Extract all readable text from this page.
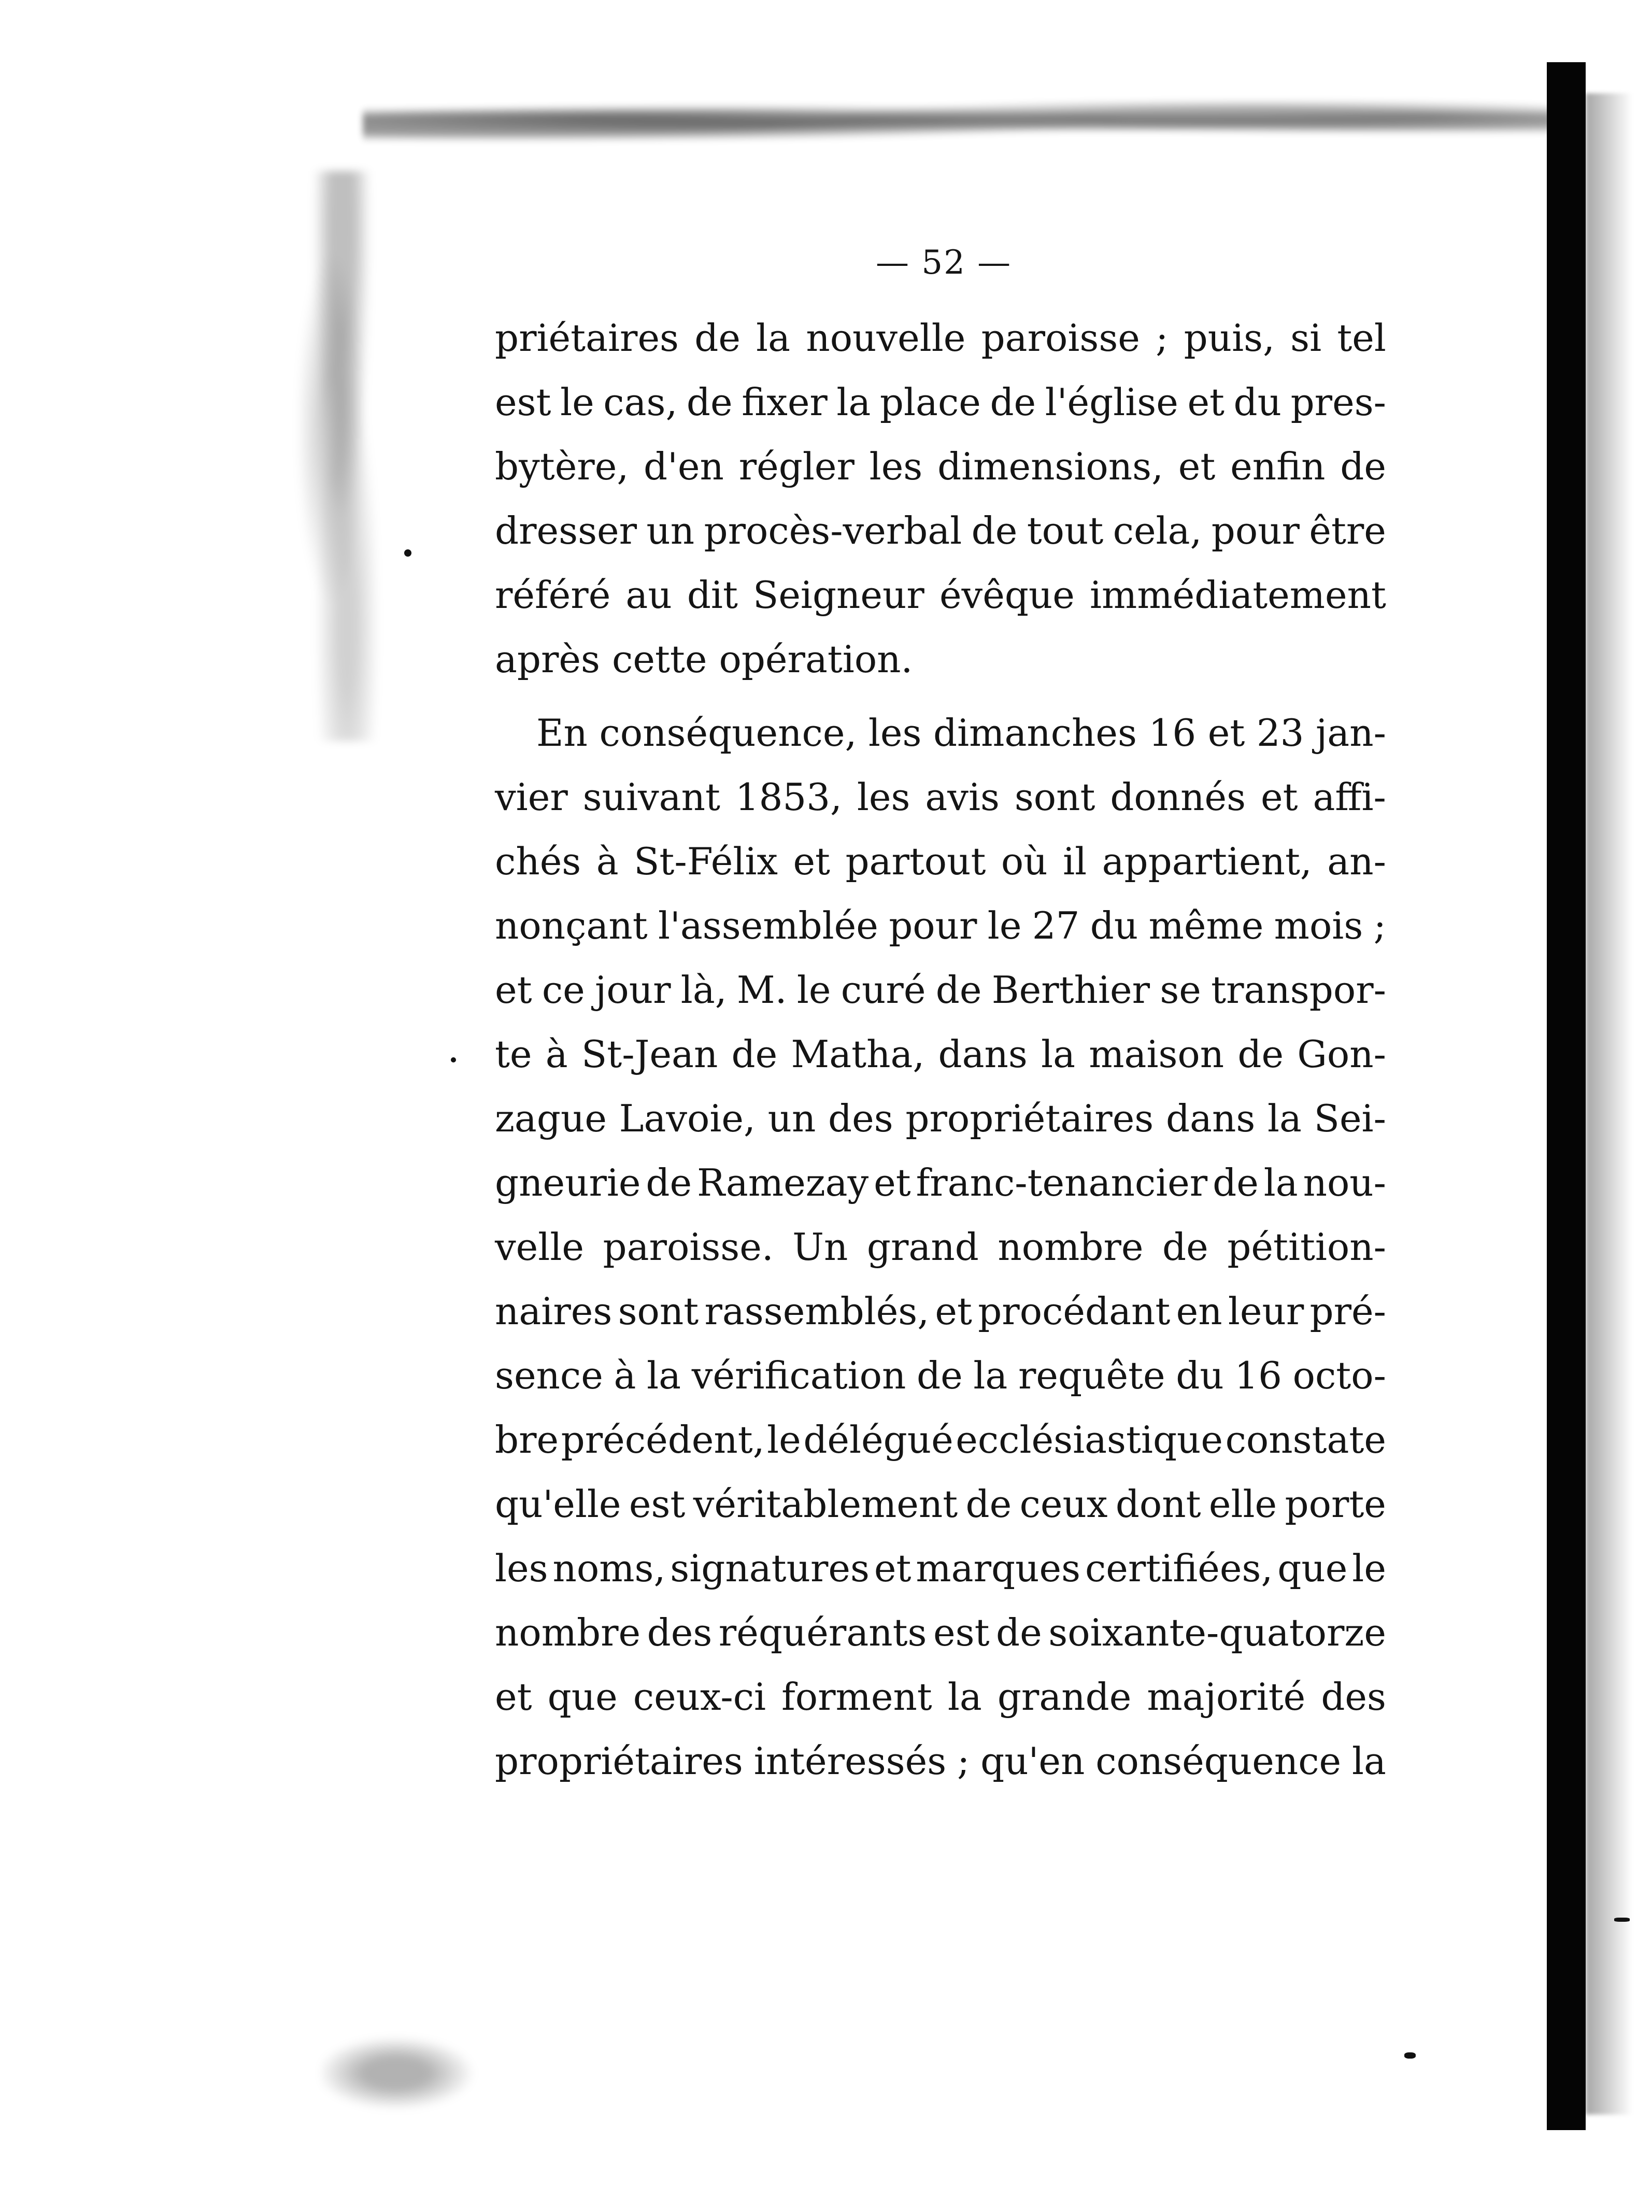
— 52 —
priétaires de la nouvelle paroisse ; puis, si tel
est le cas, de fixer la place de l'église et du pres-
bytère, d'en régler les dimensions, et enfin de
dresser un procès-verbal de tout cela, pour être
référé au dit Seigneur évêque immédiatement
après cette opération.
En conséquence, les dimanches 16 et 23 jan-
vier suivant 1853, les avis sont donnés et affi-
chés à St-Félix et partout où il appartient, an-
nonçant l'assemblée pour le 27 du même mois ;
et ce jour là, M. le curé de Berthier se transpor-
te à St-Jean de Matha, dans la maison de Gon-
zague Lavoie, un des propriétaires dans la Sei-
gneurie de Ramezay et franc-tenancier de la nou-
velle paroisse. Un grand nombre de pétition-
naires sont rassemblés, et procédant en leur pré-
sence à la vérification de la requête du 16 octo-
bre précédent, le délégué ecclésiastique constate
qu'elle est véritablement de ceux dont elle porte
les noms, signatures et marques certifiées, que le
nombre des réquérants est de soixante-quatorze
et que ceux-ci forment la grande majorité des
propriétaires intéressés ; qu'en conséquence la
